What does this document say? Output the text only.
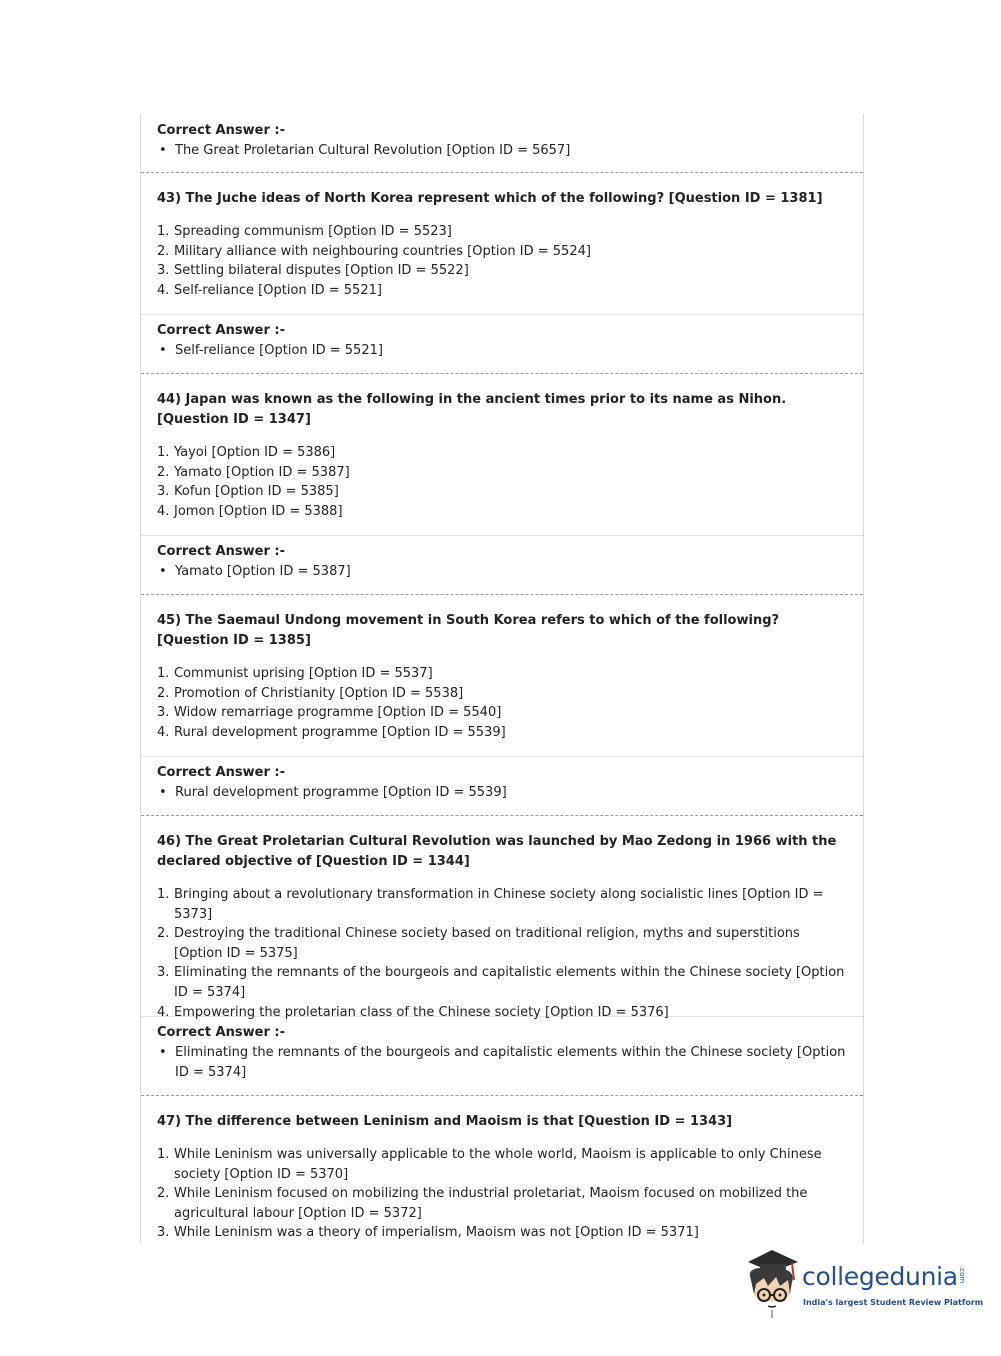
Correct Answer :-

• The Great Proletarian Cultural Revolution [Option ID = 5657]

43) The Juche ideas of North Korea represent which of the following? [Question ID = 1381]

1. Spreading communism [Option ID = 5523]
2. Military alliance with neighbouring countries [Option ID = 5524]
3. Settling bilateral disputes [Option ID = 5522]
4. Self-reliance [Option ID = 5521]

Correct Answer :-

• Self-reliance [Option ID = 5521]

44) Japan was known as the following in the ancient times prior to its name as Nihon. [Question ID = 1347]

1. Yayoi [Option ID = 5386]
2. Yamato [Option ID = 5387]
3. Kofun [Option ID = 5385]
4. Jomon [Option ID = 5388]

Correct Answer :-

• Yamato [Option ID = 5387]

45) The Saemaul Undong movement in South Korea refers to which of the following? [Question ID = 1385]

1. Communist uprising [Option ID = 5537]
2. Promotion of Christianity [Option ID = 5538]
3. Widow remarriage programme [Option ID = 5540]
4. Rural development programme [Option ID = 5539]

Correct Answer :-

• Rural development programme [Option ID = 5539]

46) The Great Proletarian Cultural Revolution was launched by Mao Zedong in 1966 with the declared objective of [Question ID = 1344]

1. Bringing about a revolutionary transformation in Chinese society along socialistic lines [Option ID = 5373]
2. Destroying the traditional Chinese society based on traditional religion, myths and superstitions [Option ID = 5375]
3. Eliminating the remnants of the bourgeois and capitalistic elements within the Chinese society [Option ID = 5374]
4. Empowering the proletarian class of the Chinese society [Option ID = 5376]

Correct Answer :-

• Eliminating the remnants of the bourgeois and capitalistic elements within the Chinese society [Option ID = 5374]

47) The difference between Leninism and Maoism is that [Question ID = 1343]

1. While Leninism was universally applicable to the whole world, Maoism is applicable to only Chinese society [Option ID = 5370]
2. While Leninism focused on mobilizing the industrial proletariat, Maoism focused on mobilized the agricultural labour [Option ID = 5372]
3. While Leninism was a theory of imperialism, Maoism was not [Option ID = 5371]
collegedunia .com
India's largest Student Review Platform
